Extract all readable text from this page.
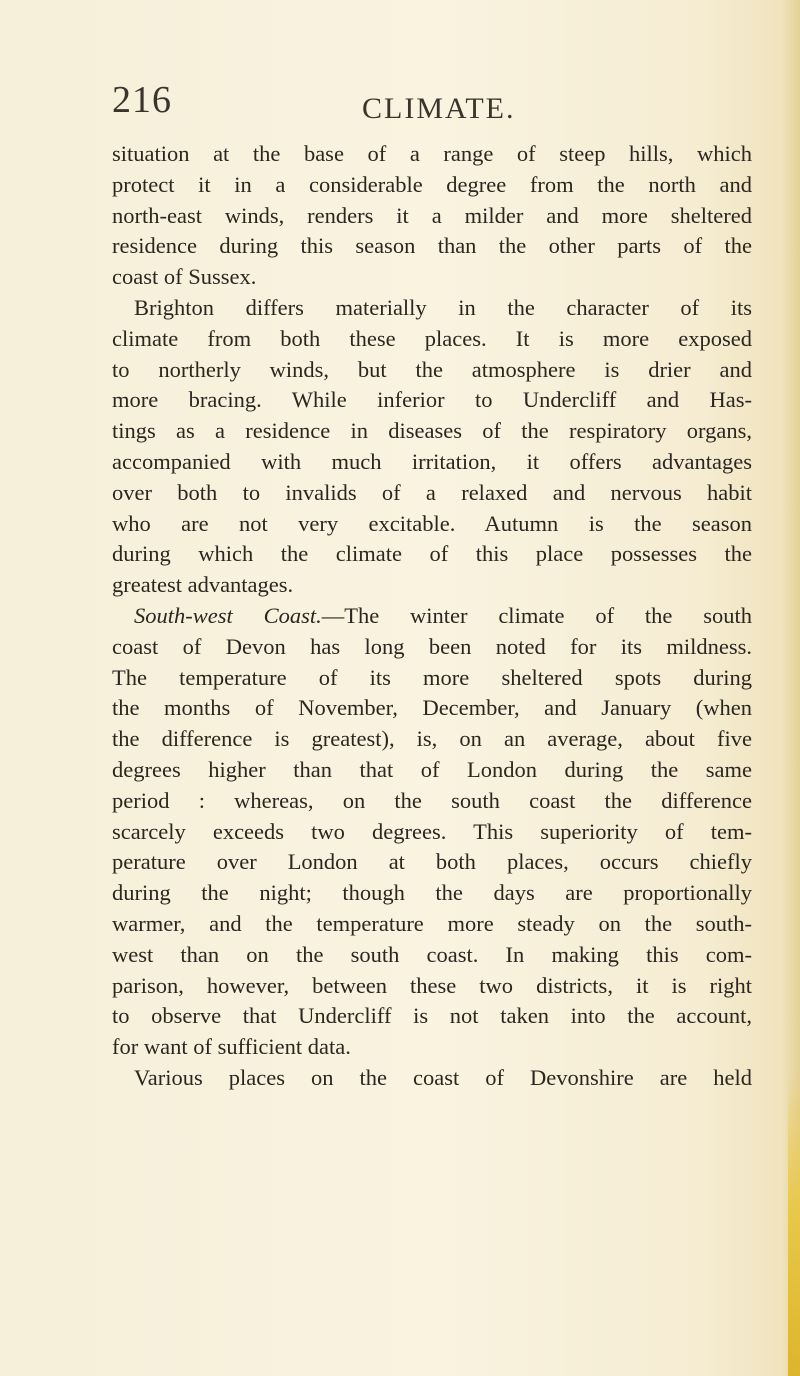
216	CLIMATE.
situation at the base of a range of steep hills, which
protect it in a considerable degree from the north and
north-east winds, renders it a milder and more sheltered
residence during this season than the other parts of the
coast of Sussex.
Brighton differs materially in the character of its
climate from both these places. It is more exposed
to northerly winds, but the atmosphere is drier and
more bracing. While inferior to Undercliff and Has-
tings as a residence in diseases of the respiratory organs,
accompanied with much irritation, it offers advantages
over both to invalids of a relaxed and nervous habit
who are not very excitable. Autumn is the season
during which the climate of this place possesses the
greatest advantages.
South-west Coast.—The winter climate of the south
coast of Devon has long been noted for its mildness.
The temperature of its more sheltered spots during
the months of November, December, and January (when
the difference is greatest), is, on an average, about five
degrees higher than that of London during the same
period : whereas, on the south coast the difference
scarcely exceeds two degrees. This superiority of tem-
perature over London at both places, occurs chiefly
during the night; though the days are proportionally
warmer, and the temperature more steady on the south-
west than on the south coast. In making this com-
parison, however, between these two districts, it is right
to observe that Undercliff is not taken into the account,
for want of sufficient data.
Various places on the coast of Devonshire are held
